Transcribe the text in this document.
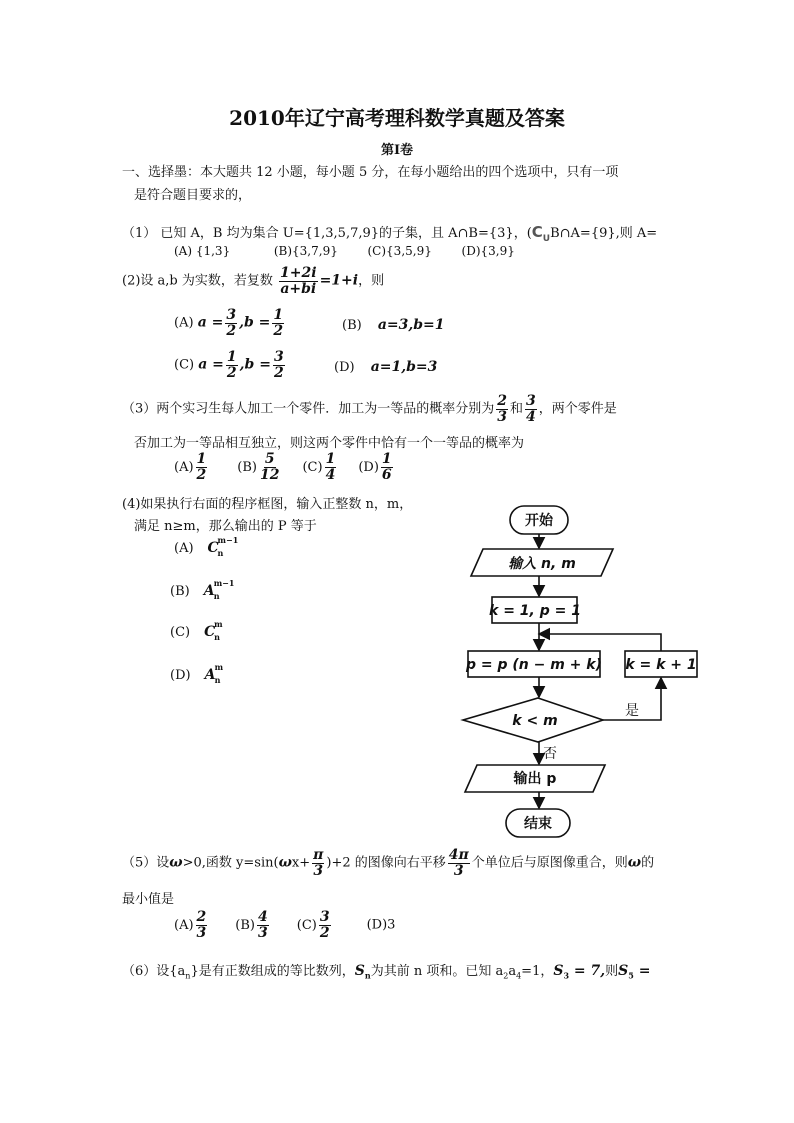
2010年辽宁高考理科数学真题及答案
第Ⅰ卷
一、选择墨：本大题共 12 小题，每小题 5 分，在每小题给出的四个选项中，只有一项
是符合题目要求的，
（1） 已知 A，B 均为集合 U={1,3,5,7,9}的子集，且 A∩B={3}，($C_UB\cap A=\{9\}$,则 A=
(A) {1,3}	(B){3,7,9} (C){3,5,9} (D){3,9}
(2)设 a,b 为实数，若复数 $\frac{1+2i}{a+bi} =1+i$，则
(A) $a = \frac{3}{2} ,b = \frac{1}{2}$	(B) a=3,b=1
(C) $a = \frac{1}{2} ,b = \frac{3}{2}$	(D) a=1,b=3
（3）两个实习生每人加工一个零件．加工为一等品的概率分别为 $\frac{2}{3}$ 和 $\frac{3}{4}$ ，两个零件是
否加工为一等品相互独立，则这两个零件中恰有一个一等品的概率为
$(A) \frac{1}{2} (B) \frac{5}{12} (C) \frac{1}{4} (D) \frac{1}{6}$
(4)如果执行右面的程序框图，输入正整数 n，m，
满足 n≥m，那么输出的 P 等于
(A) C
m−1
n
(B) A m−1
n
(C) C
m
n
(D) A m
n
开始
输入 n, m
k = 1, p = 1
p = p (n − m + k) k = k + 1
k < m
输出 p
结束
是
否
（5）设ω>0,函数 $y=\sin(\omega x+ \frac{\pi}{3} )+2$ 的图像向右平移 $\frac{4\pi}{3}$ 个单位后与原图像重合，则ω的
最小值是
$(A) \frac{2}{3} (B) \frac{4}{3} (C) \frac{3}{2}$	(D)3
（6）设$\{a_n\}$是有正数组成的等比数列，$S_n$为其前 n 项和。已知 $a_2a_4=1$，$S_3 = 7$,则$S_5$ =
